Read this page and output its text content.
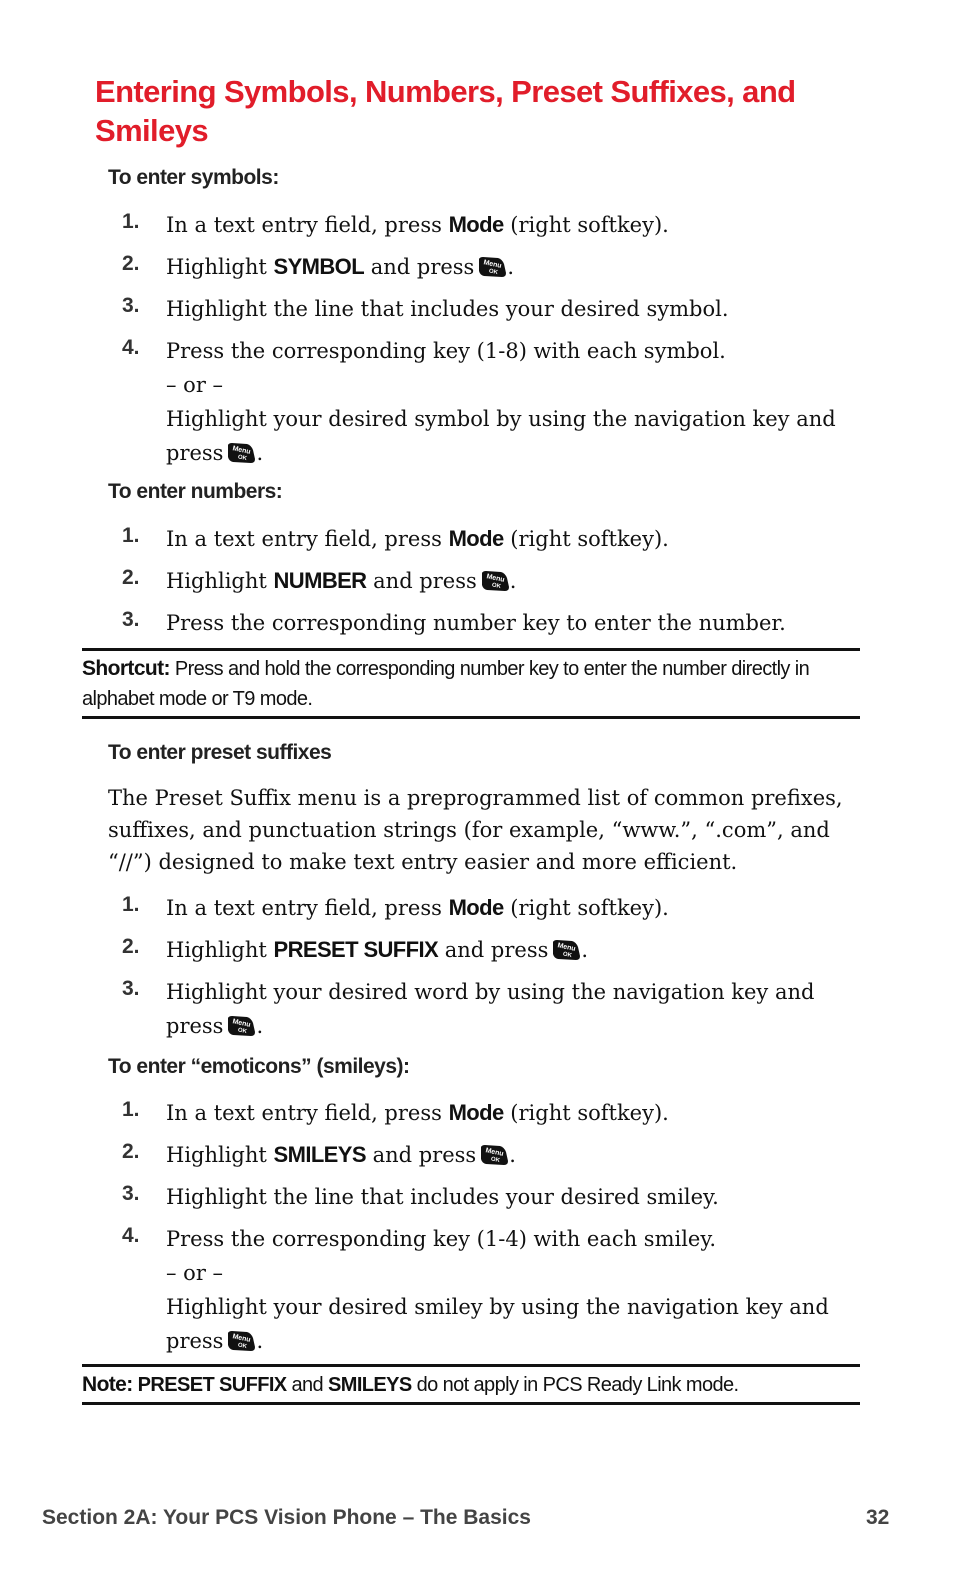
Entering Symbols, Numbers, Preset Suffixes, and Smileys
To enter symbols:
1. In a text entry field, press Mode (right softkey).
2. Highlight SYMBOL and press Menu
OK .
3. Highlight the line that includes your desired symbol.
4. Press the corresponding key (1-8) with each symbol.
– or –
Highlight your desired symbol by using the navigation key and
press Menu
OK .
To enter numbers:
1. In a text entry field, press Mode (right softkey).
2. Highlight NUMBER and press Menu
OK .
3. Press the corresponding number key to enter the number.
Shortcut: Press and hold the corresponding number key to enter the number directly in alphabet mode or T9 mode.
To enter preset suffixes
The Preset Suffix menu is a preprogrammed list of common prefixes, suffixes, and punctuation strings (for example, “www.”, “.com”, and “//”) designed to make text entry easier and more efficient.
1. In a text entry field, press Mode (right softkey).
2. Highlight PRESET SUFFIX and press Menu
OK .
3. Highlight your desired word by using the navigation key and
press Menu
OK .
To enter “emoticons” (smileys):
1. In a text entry field, press Mode (right softkey).
2. Highlight SMILEYS and press Menu
OK .
3. Highlight the line that includes your desired smiley.
4. Press the corresponding key (1-4) with each smiley.
– or –
Highlight your desired smiley by using the navigation key and
press Menu
OK .
Note: PRESET SUFFIX and SMILEYS do not apply in PCS Ready Link mode.
Section 2A: Your PCS Vision Phone – The Basics	32
